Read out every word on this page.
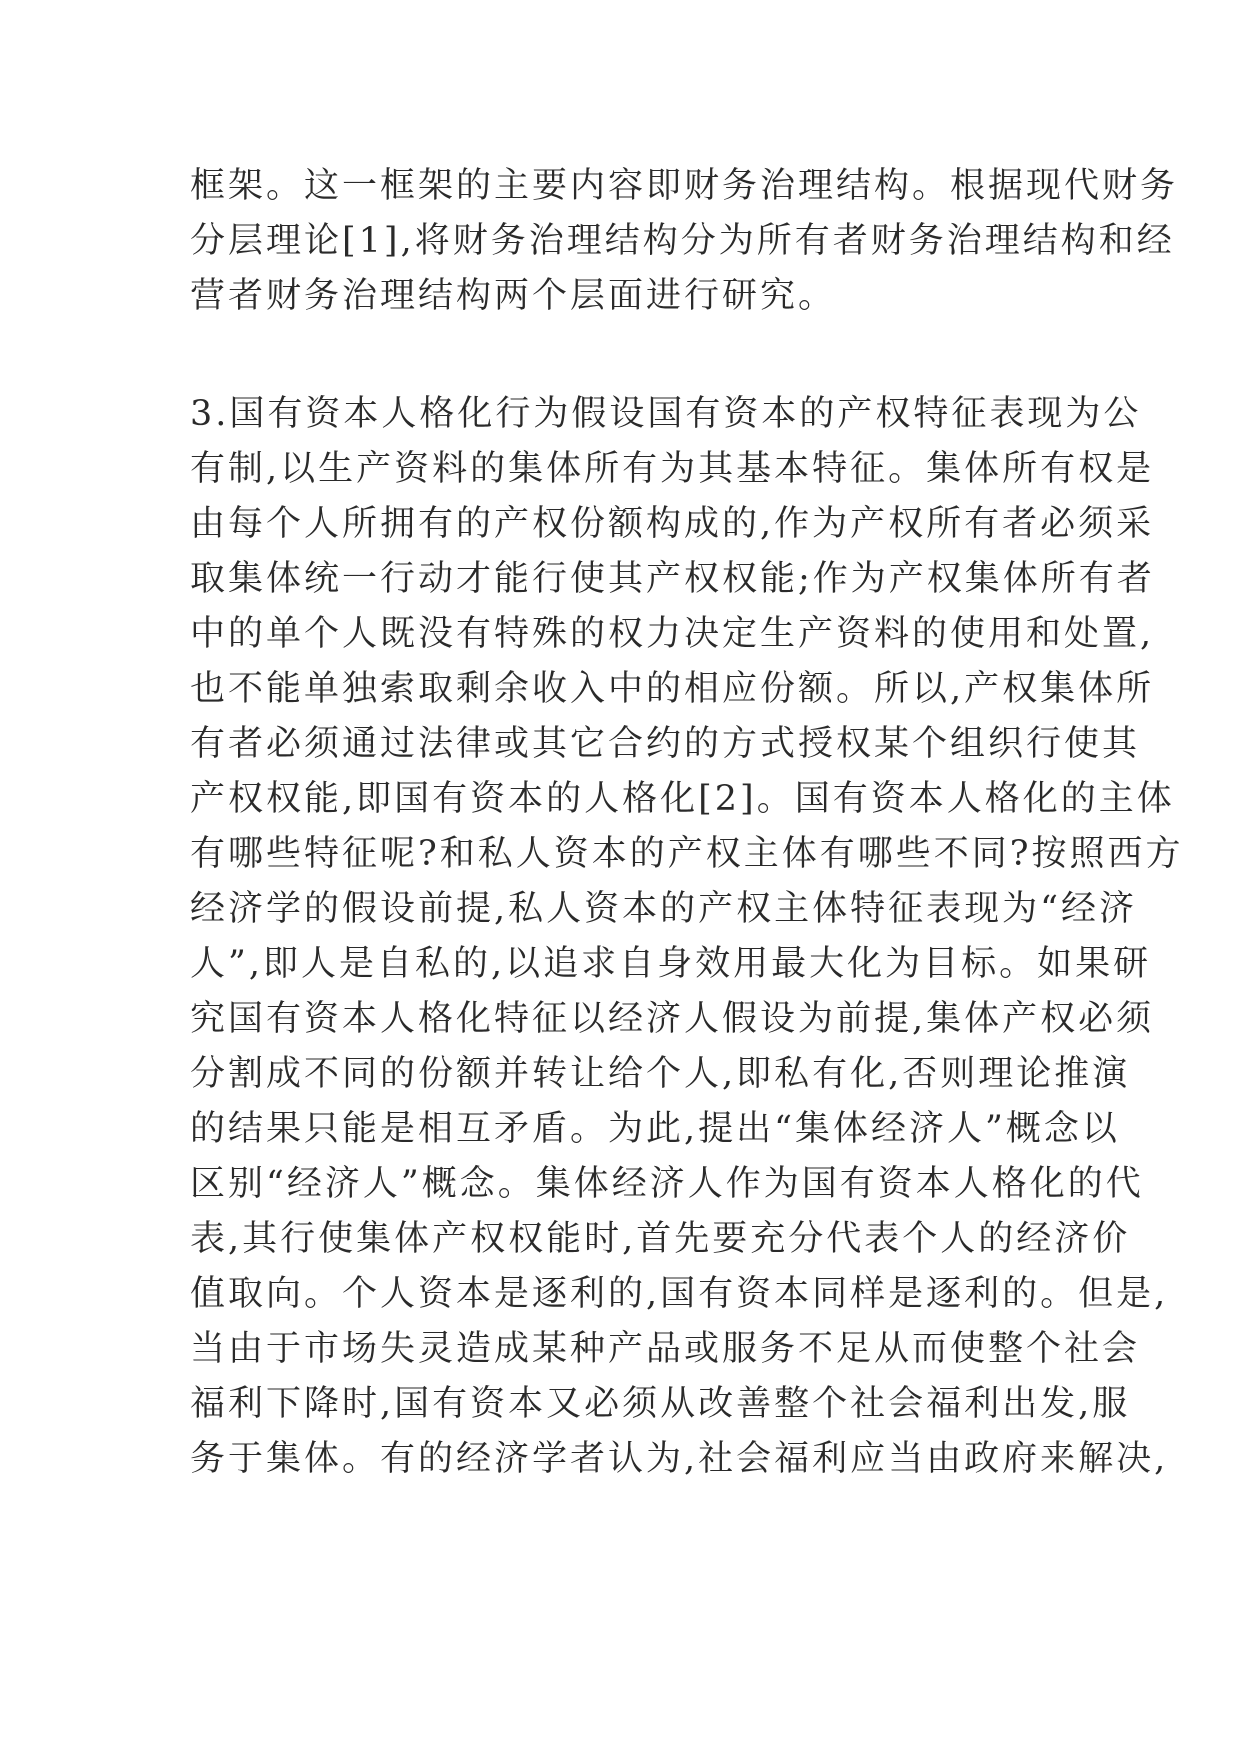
框架。这一框架的主要内容即财务治理结构。根据现代财务
分层理论[1],将财务治理结构分为所有者财务治理结构和经
营者财务治理结构两个层面进行研究。
3.国有资本人格化行为假设国有资本的产权特征表现为公
有制,以生产资料的集体所有为其基本特征。集体所有权是
由每个人所拥有的产权份额构成的,作为产权所有者必须采
取集体统一行动才能行使其产权权能;作为产权集体所有者
中的单个人既没有特殊的权力决定生产资料的使用和处置,
也不能单独索取剩余收入中的相应份额。所以,产权集体所
有者必须通过法律或其它合约的方式授权某个组织行使其
产权权能,即国有资本的人格化[2]。国有资本人格化的主体
有哪些特征呢?和私人资本的产权主体有哪些不同?按照西方
经济学的假设前提,私人资本的产权主体特征表现为“经济
人”,即人是自私的,以追求自身效用最大化为目标。如果研
究国有资本人格化特征以经济人假设为前提,集体产权必须
分割成不同的份额并转让给个人,即私有化,否则理论推演
的结果只能是相互矛盾。为此,提出“集体经济人”概念以
区别“经济人”概念。集体经济人作为国有资本人格化的代
表,其行使集体产权权能时,首先要充分代表个人的经济价
值取向。个人资本是逐利的,国有资本同样是逐利的。但是,
当由于市场失灵造成某种产品或服务不足从而使整个社会
福利下降时,国有资本又必须从改善整个社会福利出发,服
务于集体。有的经济学者认为,社会福利应当由政府来解决,
